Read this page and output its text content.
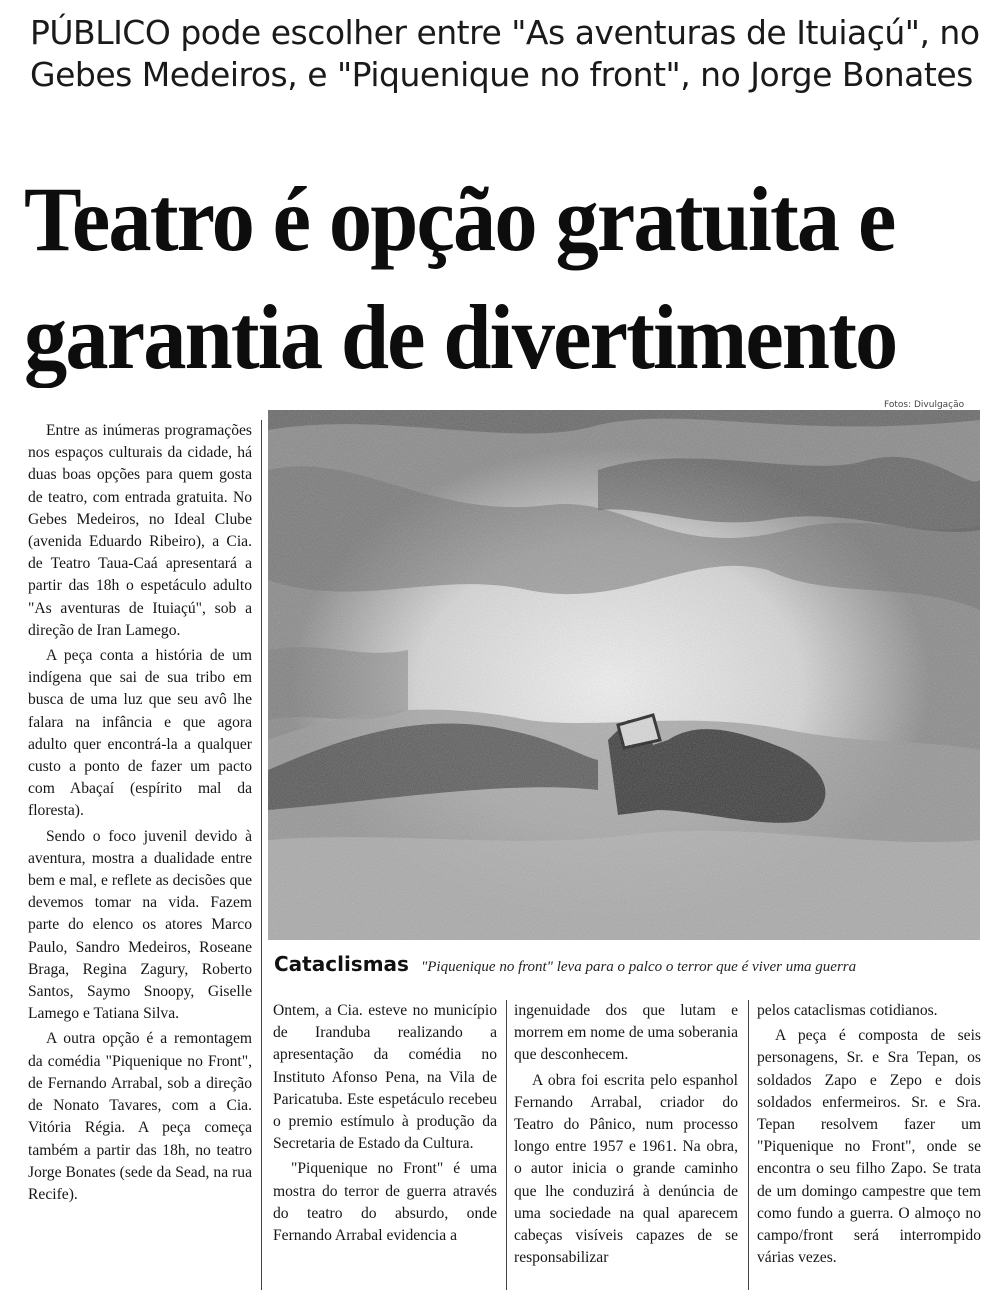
PÚBLICO pode escolher entre "As aventuras de Ituiaçú", no Gebes Medeiros, e "Piquenique no front", no Jorge Bonates
Teatro é opção gratuita e
garantia de divertimento
Fotos: Divulgação

Entre as inúmeras programações nos espaços culturais da cidade, há duas boas opções para quem gosta de teatro, com entrada gratuita. No Gebes Medeiros, no Ideal Clube (avenida Eduardo Ribeiro), a Cia. de Teatro Taua-Caá apresentará a partir das 18h o espetáculo adulto "As aventuras de Ituiaçú", sob a direção de Iran Lamego.

A peça conta a história de um indígena que sai de sua tribo em busca de uma luz que seu avô lhe falara na infância e que agora adulto quer encontrá-la a qualquer custo a ponto de fazer um pacto com Abaçaí (espírito mal da floresta).

Sendo o foco juvenil devido à aventura, mostra a dualidade entre bem e mal, e reflete as decisões que devemos tomar na vida. Fazem parte do elenco os atores Marco Paulo, Sandro Medeiros, Roseane Braga, Regina Zagury, Roberto Santos, Saymo Snoopy, Giselle Lamego e Tatiana Silva.

A outra opção é a remontagem da comédia "Piquenique no Front", de Fernando Arrabal, sob a direção de Nonato Tavares, com a Cia. Vitória Régia. A peça começa também a partir das 18h, no teatro Jorge Bonates (sede da Sead, na rua Recife).

Cataclismas "Piquenique no front" leva para o palco o terror que é viver uma guerra

Ontem, a Cia. esteve no município de Iranduba realizando a apresentação da comédia no Instituto Afonso Pena, na Vila de Paricatuba. Este espetáculo recebeu o premio estímulo à produção da Secretaria de Estado da Cultura.

"Piquenique no Front" é uma mostra do terror de guerra através do teatro do absurdo, onde Fernando Arrabal evidencia a

ingenuidade dos que lutam e morrem em nome de uma soberania que desconhecem.

A obra foi escrita pelo espanhol Fernando Arrabal, criador do Teatro do Pânico, num processo longo entre 1957 e 1961. Na obra, o autor inicia o grande caminho que lhe conduzirá à denúncia de uma sociedade na qual aparecem cabeças visíveis capazes de se responsabilizar

pelos cataclismas cotidianos.

A peça é composta de seis personagens, Sr. e Sra Tepan, os soldados Zapo e Zepo e dois soldados enfermeiros. Sr. e Sra. Tepan resolvem fazer um "Piquenique no Front", onde se encontra o seu filho Zapo. Se trata de um domingo campestre que tem como fundo a guerra. O almoço no campo/front será interrompido várias vezes.
